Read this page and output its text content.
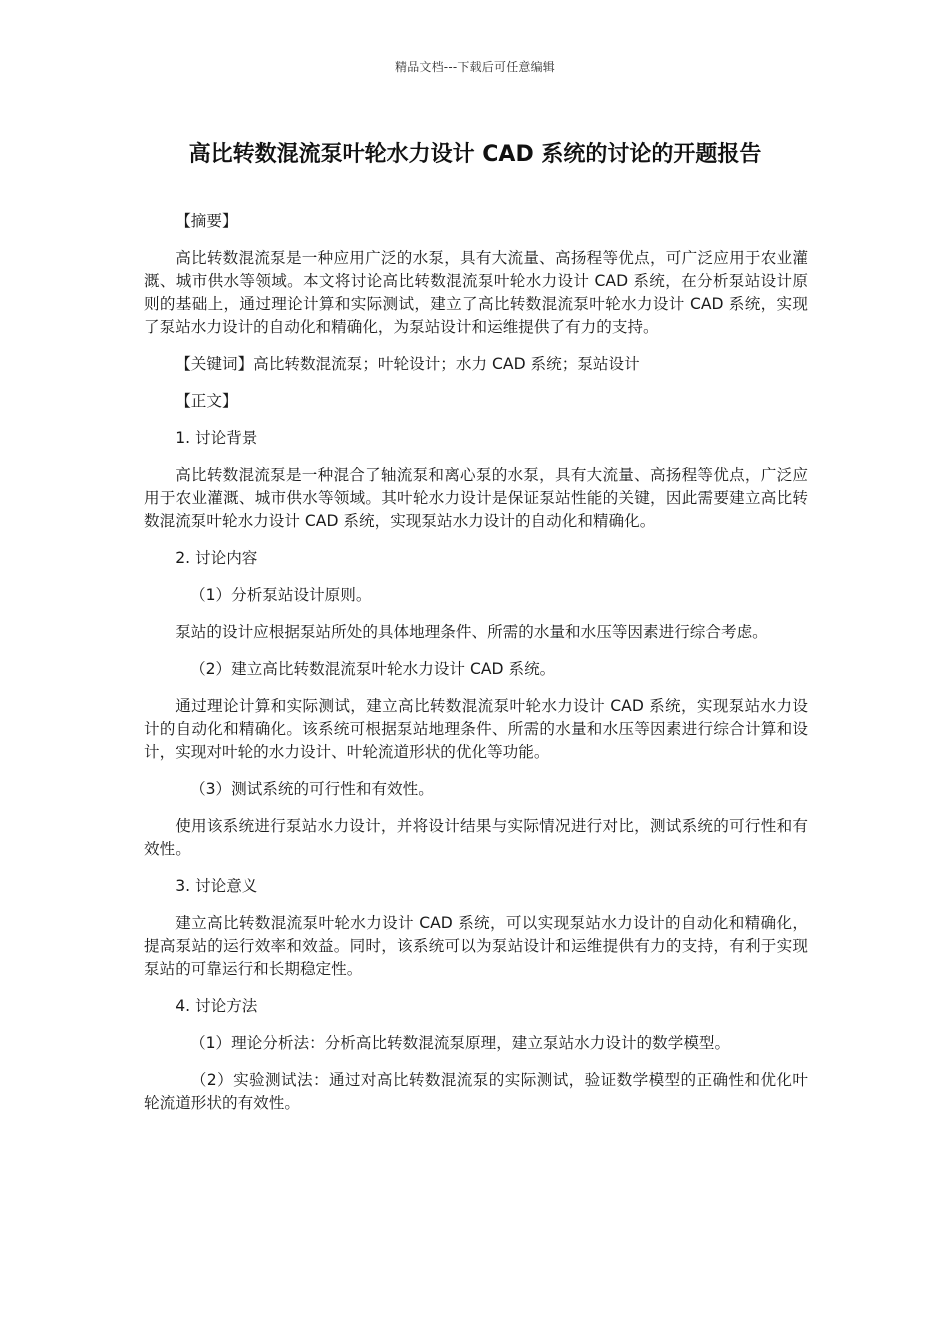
精品文档---下载后可任意编辑
高比转数混流泵叶轮水力设计 CAD 系统的讨论的开题报告

【摘要】

高比转数混流泵是一种应用广泛的水泵，具有大流量、高扬程等优点，可广泛应用于农业灌溉、城市供水等领域。本文将讨论高比转数混流泵叶轮水力设计 CAD 系统，在分析泵站设计原则的基础上，通过理论计算和实际测试，建立了高比转数混流泵叶轮水力设计 CAD 系统，实现了泵站水力设计的自动化和精确化，为泵站设计和运维提供了有力的支持。

【关键词】高比转数混流泵；叶轮设计；水力 CAD 系统；泵站设计

【正文】

1. 讨论背景

高比转数混流泵是一种混合了轴流泵和离心泵的水泵，具有大流量、高扬程等优点，广泛应用于农业灌溉、城市供水等领域。其叶轮水力设计是保证泵站性能的关键，因此需要建立高比转数混流泵叶轮水力设计 CAD 系统，实现泵站水力设计的自动化和精确化。

2. 讨论内容

（1）分析泵站设计原则。

泵站的设计应根据泵站所处的具体地理条件、所需的水量和水压等因素进行综合考虑。

（2）建立高比转数混流泵叶轮水力设计 CAD 系统。

通过理论计算和实际测试，建立高比转数混流泵叶轮水力设计 CAD 系统，实现泵站水力设计的自动化和精确化。该系统可根据泵站地理条件、所需的水量和水压等因素进行综合计算和设计，实现对叶轮的水力设计、叶轮流道形状的优化等功能。

（3）测试系统的可行性和有效性。

使用该系统进行泵站水力设计，并将设计结果与实际情况进行对比，测试系统的可行性和有效性。

3. 讨论意义

建立高比转数混流泵叶轮水力设计 CAD 系统，可以实现泵站水力设计的自动化和精确化，提高泵站的运行效率和效益。同时，该系统可以为泵站设计和运维提供有力的支持，有利于实现泵站的可靠运行和长期稳定性。

4. 讨论方法

（1）理论分析法：分析高比转数混流泵原理，建立泵站水力设计的数学模型。

（2）实验测试法：通过对高比转数混流泵的实际测试，验证数学模型的正确性和优化叶轮流道形状的有效性。
